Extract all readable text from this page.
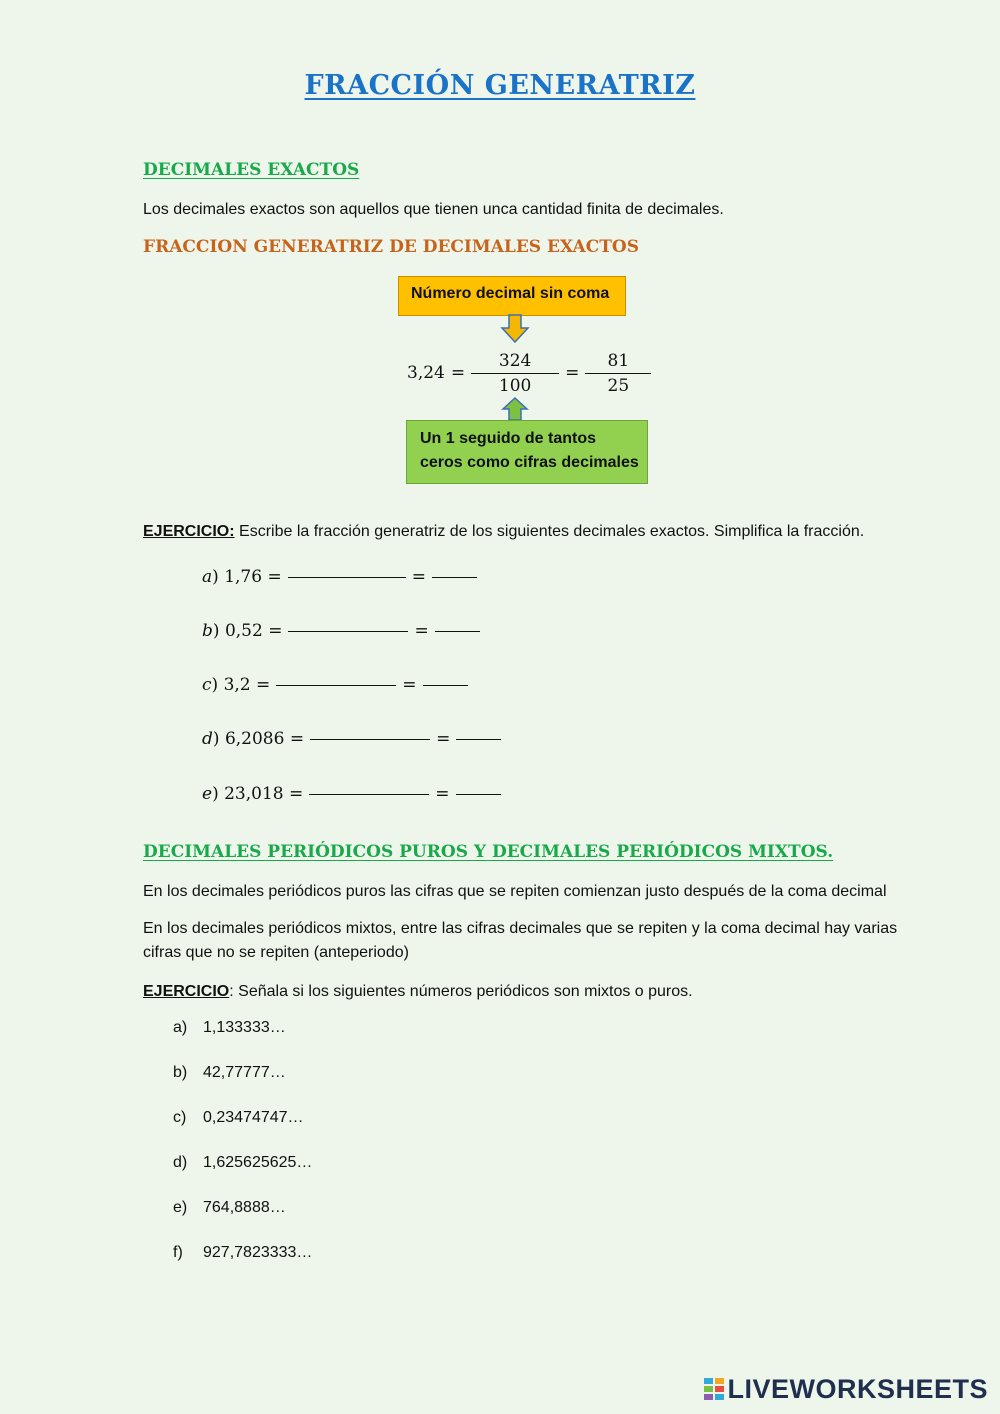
FRACCIÓN GENERATRIZ
DECIMALES EXACTOS
Los decimales exactos son aquellos que tienen unca cantidad finita de decimales.
FRACCION GENERATRIZ DE DECIMALES EXACTOS
Número decimal sin coma
$3,24 = \frac{324}{100} = \frac{81}{25}$
Un 1 seguido de tantos
ceros como cifras decimales
EJERCICIO: Escribe la fracción generatriz de los siguientes decimales exactos. Simplifica la fracción.
a) 1,76 =	=
b) 0,52 =	=
c) 3,2 =	=
d) 6,2086 =	=
e) 23,018 =	=
DECIMALES PERIÓDICOS PUROS Y DECIMALES PERIÓDICOS MIXTOS.
En los decimales periódicos puros las cifras que se repiten comienzan justo después de la coma decimal
En los decimales periódicos mixtos, entre las cifras decimales que se repiten y la coma decimal hay varias cifras que no se repiten (anteperiodo)
EJERCICIO: Señala si los siguientes números periódicos son mixtos o puros.
a) 1,133333…
b) 42,77777…
c) 0,23474747…
d) 1,625625625…
e) 764,8888…
f) 927,7823333…
LIVEWORKSHEETS
